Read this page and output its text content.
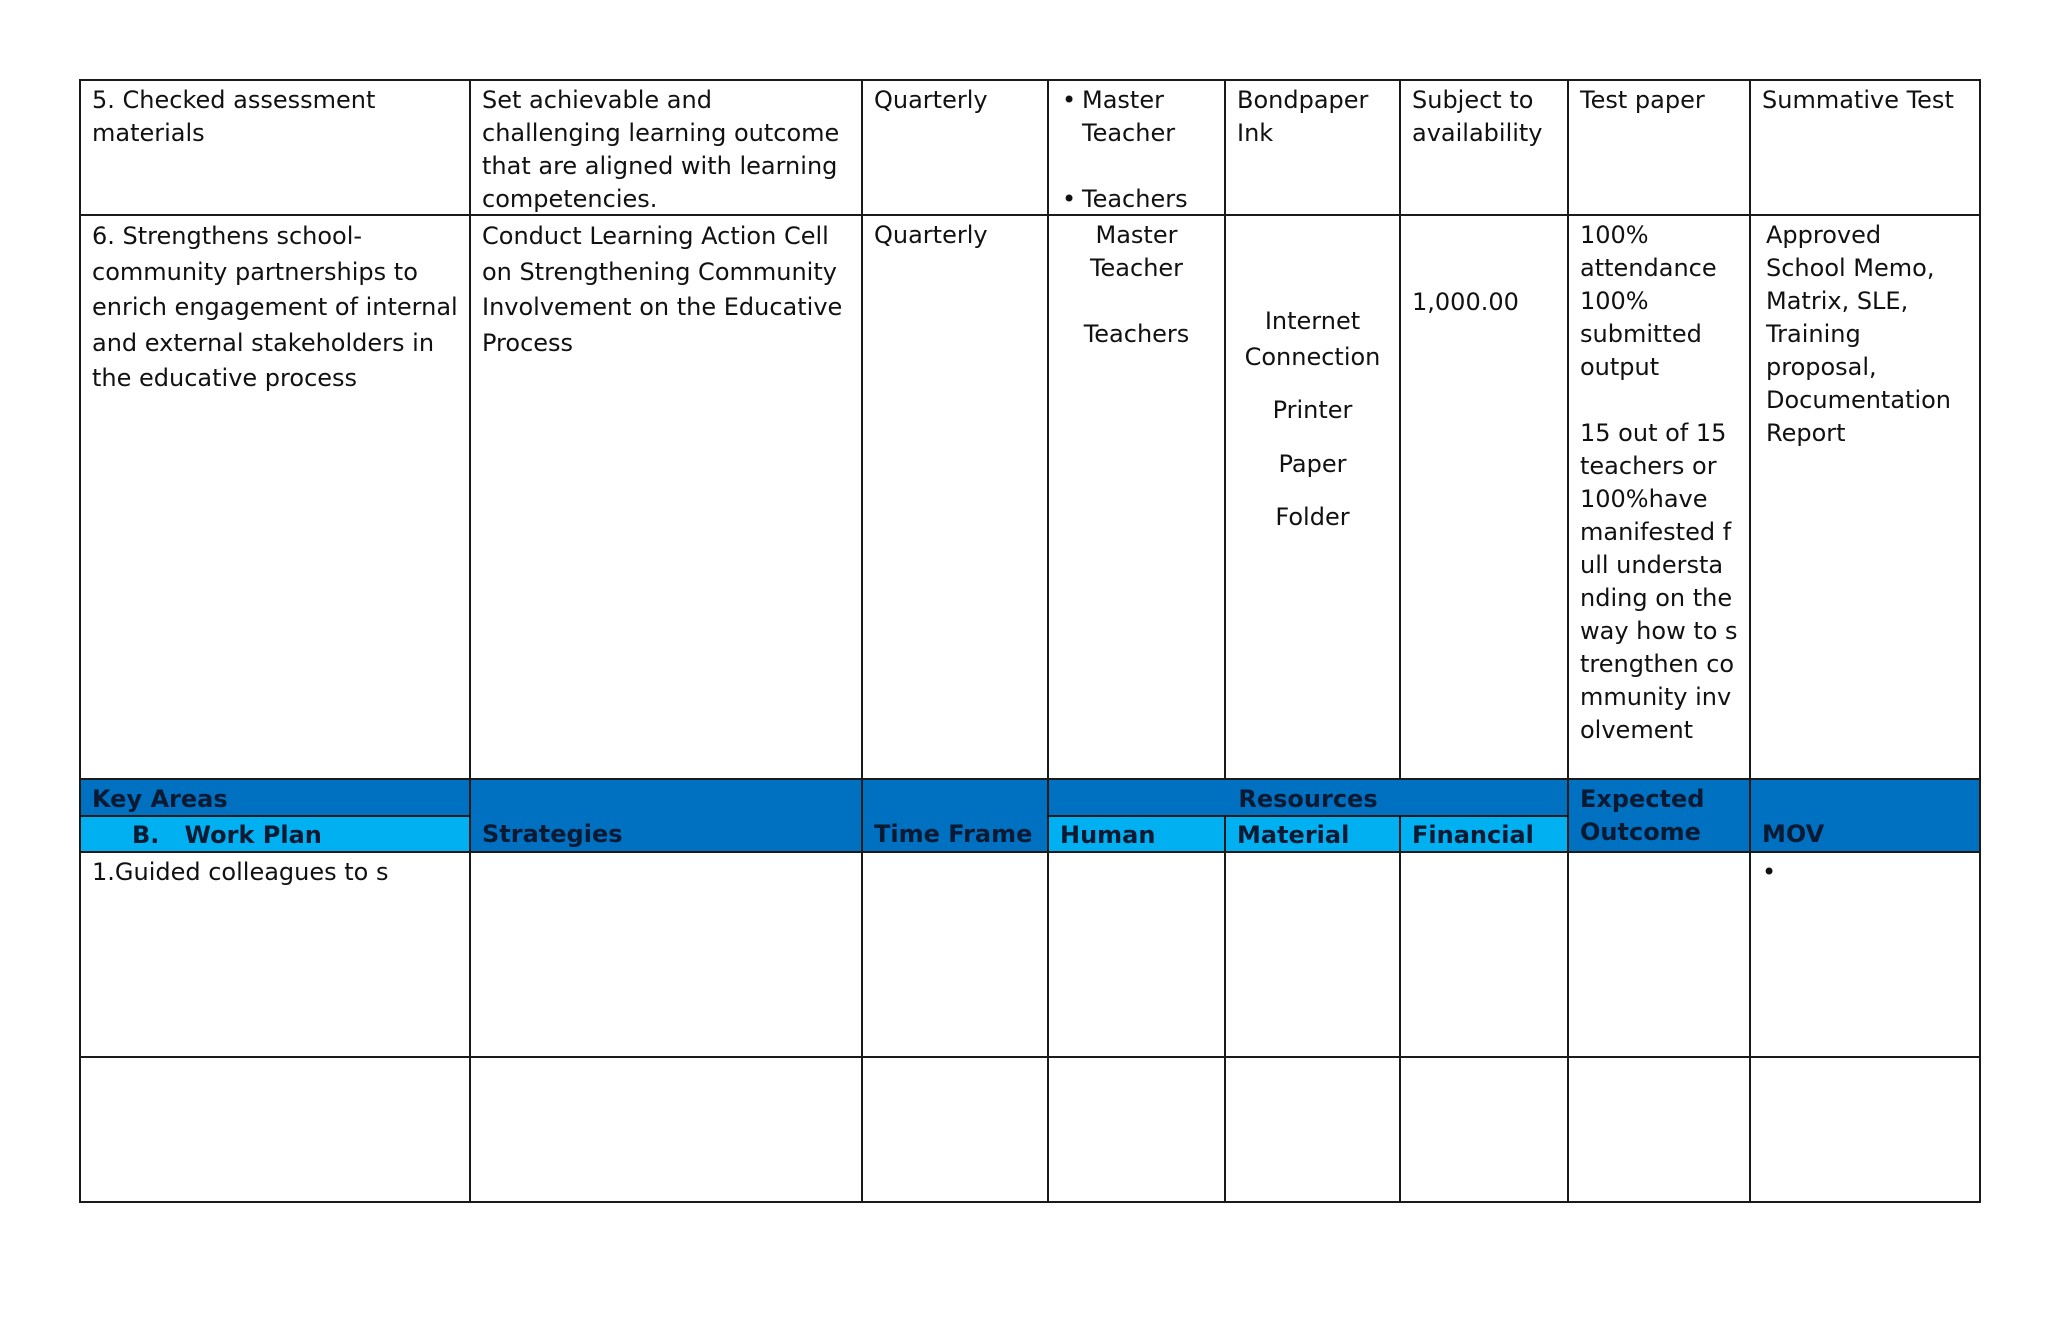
5. Checked assessment materials
Set achievable and challenging learning outcome that are aligned with learning competencies.
Quarterly
•	Master Teacher
• Teachers
Bondpaper
Ink
Subject to availability
Test paper	Summative Test
6. Strengthens school-community partnerships to enrich engagement of internal and external stakeholders in the educative process
Conduct Learning Action Cell on Strengthening Community Involvement on the Educative Process
Quarterly	Master Teacher
Teachers	Internet Connection
Printer
Paper
Folder
1,000.00
100% attendance 100% submitted output
15 out of 15 teachers or 100%have manifested full understanding on the way how to strengthen community involvement
Approved School Memo, Matrix, SLE, Training proposal, Documentation Report
Key Areas
B. Work Plan	Strategies	Time Frame
Resources
Human	Material	Financial
Expected Outcome	MOV
1.Guided colleagues to s	•
